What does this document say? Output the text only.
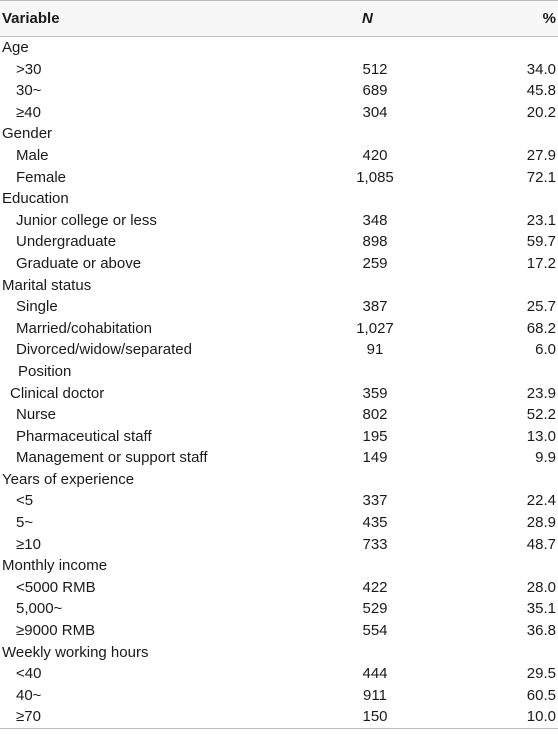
Variable	N	%
Age
>30	512	34.0
30~	689	45.8
≥40	304	20.2
Gender
Male	420	27.9
Female	1,085	72.1
Education
Junior college or less	348	23.1
Undergraduate	898	59.7
Graduate or above	259	17.2
Marital status
Single	387	25.7
Married/cohabitation	1,027	68.2
Divorced/widow/separated	91	6.0
Position
Clinical doctor	359	23.9
Nurse	802	52.2
Pharmaceutical staff	195	13.0
Management or support staff	149	9.9
Years of experience
<5	337	22.4
5~	435	28.9
≥10	733	48.7
Monthly income
<5000 RMB	422	28.0
5,000~	529	35.1
≥9000 RMB	554	36.8
Weekly working hours
<40	444	29.5
40~	911	60.5
≥70	150	10.0
